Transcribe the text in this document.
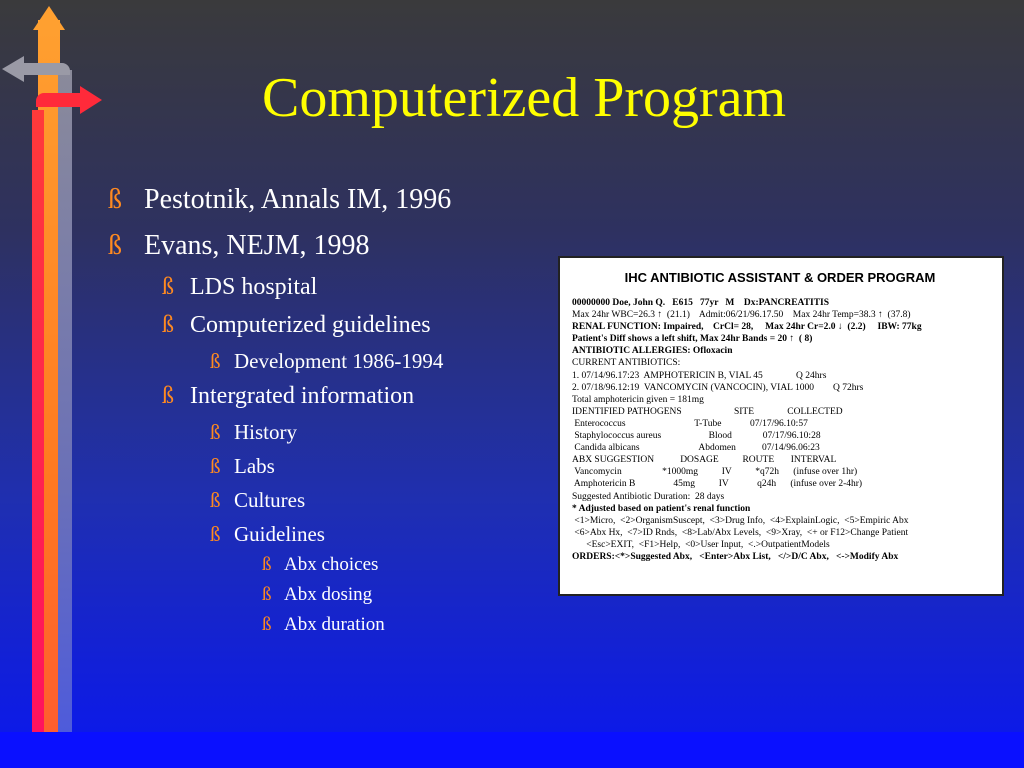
Computerized Program
ß Pestotnik, Annals IM, 1996
ß Evans, NEJM, 1998
ß LDS hospital
ß Computerized guidelines
ß Development 1986-1994
ß Intergrated information
ß History
ß Labs
ß Cultures
ß Guidelines
ß Abx choices
ß Abx dosing
ß Abx duration
IHC ANTIBIOTIC ASSISTANT & ORDER PROGRAM
00000000 Doe, John Q.   E615   77yr   M    Dx:PANCREATITIS
Max 24hr WBC=26.3 ↑  (21.1)    Admit:06/21/96.17.50    Max 24hr Temp=38.3 ↑  (37.8)
RENAL FUNCTION: Impaired,    CrCl= 28,     Max 24hr Cr=2.0 ↓  (2.2)     IBW: 77kg
Patient's Diff shows a left shift, Max 24hr Bands = 20 ↑  ( 8)
ANTIBIOTIC ALLERGIES: Ofloxacin
CURRENT ANTIBIOTICS:
1. 07/14/96.17:23  AMPHOTERICIN B, VIAL 45              Q 24hrs
2. 07/18/96.12:19  VANCOMYCIN (VANCOCIN), VIAL 1000        Q 72hrs
Total amphotericin given = 181mg
IDENTIFIED PATHOGENS                      SITE              COLLECTED
Enterococcus                             T-Tube            07/17/96.10:57
Staphylococcus aureus                    Blood             07/17/96.10:28
Candida albicans                         Abdomen           07/14/96.06:23
ABX SUGGESTION           DOSAGE          ROUTE       INTERVAL
Vancomycin                 *1000mg          IV          *q72h      (infuse over 1hr)
Amphotericin B                45mg          IV            q24h      (infuse over 2-4hr)
Suggested Antibiotic Duration:  28 days
* Adjusted based on patient's renal function
<1>Micro,  <2>OrganismSuscept,  <3>Drug Info,  <4>ExplainLogic,  <5>Empiric Abx
<6>Abx Hx,  <7>ID Rnds,  <8>Lab/Abx Levels,  <9>Xray,  <+ or F12>Change Patient
<Esc>EXIT,  <F1>Help,  <0>User Input,  <.>OutpatientModels
ORDERS:<*>Suggested Abx,   <Enter>Abx List,   </>D/C Abx,   <->Modify Abx
